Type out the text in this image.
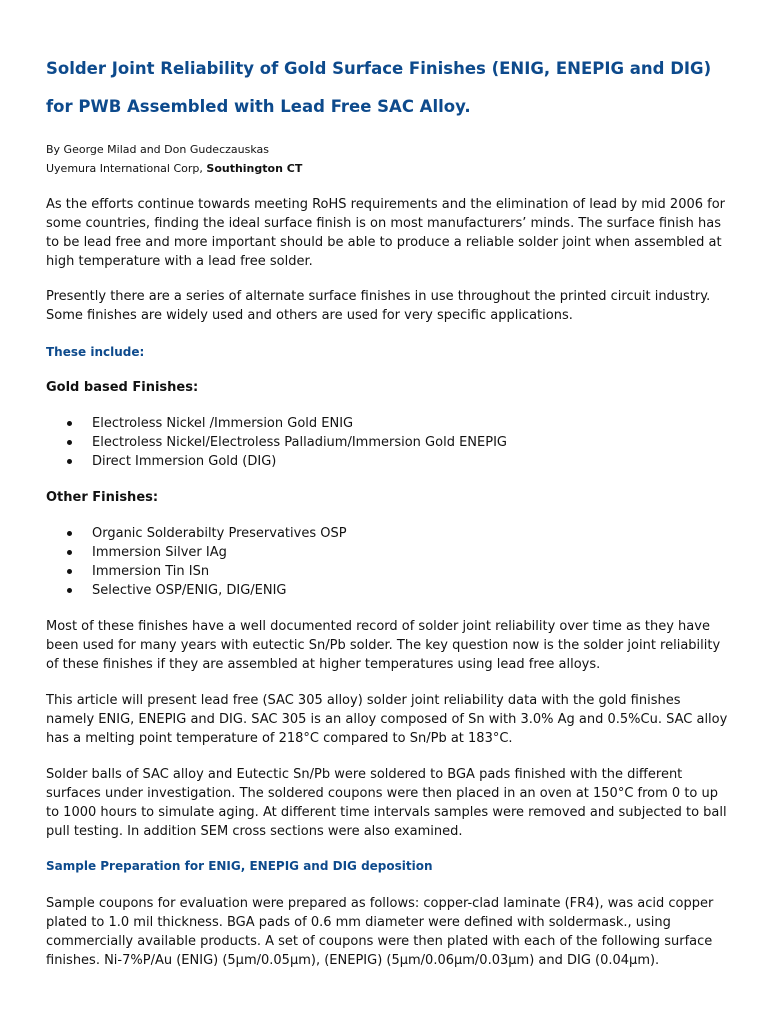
Solder Joint Reliability of Gold Surface Finishes (ENIG, ENEPIG and DIG) for PWB Assembled with Lead Free SAC Alloy.

By George Milad and Don Gudeczauskas
Uyemura International Corp, Southington CT

As the efforts continue towards meeting RoHS requirements and the elimination of lead by mid 2006 for some countries, finding the ideal surface finish is on most manufacturers’ minds. The surface finish has to be lead free and more important should be able to produce a reliable solder joint when assembled at high temperature with a lead free solder.

Presently there are a series of alternate surface finishes in use throughout the printed circuit industry. Some finishes are widely used and others are used for very specific applications.

These include:

Gold based Finishes:

Electroless Nickel /Immersion Gold ENIG
Electroless Nickel/Electroless Palladium/Immersion Gold ENEPIG
Direct Immersion Gold (DIG)

Other Finishes:

Organic Solderabilty Preservatives OSP
Immersion Silver IAg
Immersion Tin ISn
Selective OSP/ENIG, DIG/ENIG

Most of these finishes have a well documented record of solder joint reliability over time as they have been used for many years with eutectic Sn/Pb solder. The key question now is the solder joint reliability of these finishes if they are assembled at higher temperatures using lead free alloys.

This article will present lead free (SAC 305 alloy) solder joint reliability data with the gold finishes namely ENIG, ENEPIG and DIG. SAC 305 is an alloy composed of Sn with 3.0% Ag and 0.5%Cu. SAC alloy has a melting point temperature of 218°C compared to Sn/Pb at 183°C.

Solder balls of SAC alloy and Eutectic Sn/Pb were soldered to BGA pads finished with the different surfaces under investigation. The soldered coupons were then placed in an oven at 150°C from 0 to up to 1000 hours to simulate aging. At different time intervals samples were removed and subjected to ball pull testing. In addition SEM cross sections were also examined.

Sample Preparation for ENIG, ENEPIG and DIG deposition

Sample coupons for evaluation were prepared as follows: copper-clad laminate (FR4), was acid copper plated to 1.0 mil thickness. BGA pads of 0.6 mm diameter were defined with soldermask., using commercially available products. A set of coupons were then plated with each of the following surface finishes. Ni-7%P/Au (ENIG) (5µm/0.05µm), (ENEPIG) (5µm/0.06µm/0.03µm) and DIG (0.04µm).
